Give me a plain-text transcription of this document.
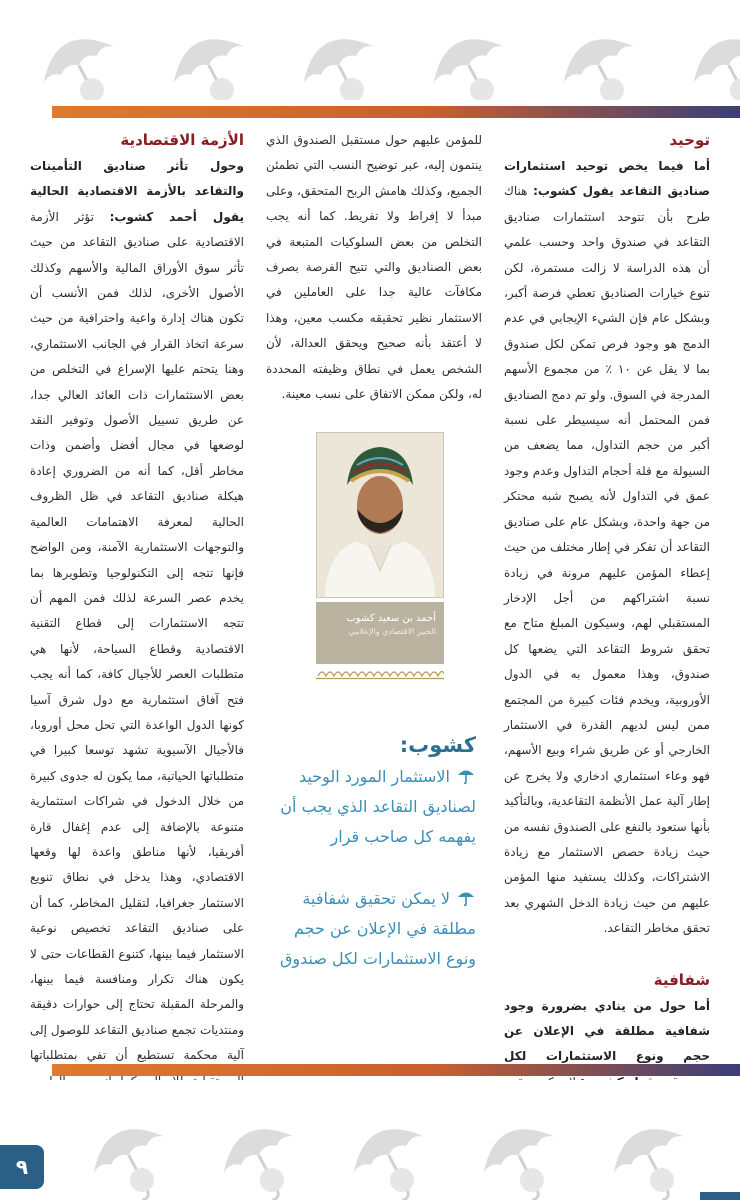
توحيد

أما فيما يخص توحيد استثمارات صناديق التقاعد يقول كشوب: هناك طرح بأن تتوحد استثمارات صناديق التقاعد في صندوق واحد وحسب علمي أن هذه الدراسة لا زالت مستمرة، لكن تنوع خيارات الصناديق تعطي فرصة أكبر، وبشكل عام فإن الشيء الإيجابي في عدم الدمج هو وجود فرص تمكن لكل صندوق بما لا يقل عن ١٠ ٪ من مجموع الأسهم المدرجة في السوق. ولو تم دمج الصناديق فمن المحتمل أنه سيسيطر على نسبة أكبر من حجم التداول، مما يضعف من السيولة مع قلة أحجام التداول وعدم وجود عمق في التداول لأنه يصبح شبه محتكر من جهة واحدة، وبشكل عام على صناديق التقاعد أن تفكر في إطار مختلف من حيث إعطاء المؤمن عليهم مرونة في زيادة نسبة اشتراكهم من أجل الإدخار المستقبلي لهم، وسيكون المبلغ متاح مع تحقق شروط التقاعد التي يضعها كل صندوق، وهذا معمول به في الدول الأوروبية، ويخدم فئات كبيرة من المجتمع ممن ليس لديهم القدرة في الاستثمار الخارجي أو عن طريق شراء وبيع الأسهم، فهو وعاء استثماري ادخاري ولا يخرج عن إطار آلية عمل الأنظمة التقاعدية، وبالتأكيد بأنها ستعود بالنفع على الصندوق نفسه من حيث زيادة حصص الاستثمار مع زيادة الاشتراكات، وكذلك يستفيد منها المؤمن عليهم من حيث زيادة الدخل الشهري بعد تحقق مخاطر التقاعد.

شفافية

أما حول من ينادي بضرورة وجود شفافية مطلقة في الإعلان عن حجم ونوع الاستثمارات لكل

للمؤمن عليهم حول مستقبل الصندوق الذي ينتمون إليه، عبر توضيح النسب التي تطمئن الجميع، وكذلك هامش الربح المتحقق، وعلى مبدأ لا إفراط ولا تفريط. كما أنه يجب التخلص من بعض السلوكيات المتبعة في بعض الصناديق والتي تتيح الفرصة بصرف مكافآت عالية جدا على العاملين في الاستثمار نظير تحقيقه مكسب معين، وهذا لا أعتقد بأنه صحيح ويحقق العدالة، لأن الشخص يعمل في نطاق وظيفته المحددة له، ولكن ممكن الاتفاق على نسب معينة.

أحمد بن سعيد كشوب
الخبير الاقتصادي والإعلامي
كشوب:
الاستثمار المورد الوحيد لصناديق التقاعد الذي يجب أن يفهمه كل صاحب قرار
لا يمكن تحقيق شفافية مطلقة في الإعلان عن حجم ونوع الاستثمارات لكل صندوق
الأزمة الاقتصادية

وحول تأثر صناديق التأمينات والتقاعد بالأزمة الاقتصادية الحالية يقول أحمد كشوب: تؤثر الأزمة الاقتصادية على صناديق التقاعد من حيث تأثر سوق الأوراق المالية والأسهم وكذلك الأصول الأخرى، لذلك فمن الأنسب أن تكون هناك إدارة واعية واحترافية من حيث سرعة اتخاذ القرار في الجانب الاستثماري، وهنا يتحتم عليها الإسراع في التخلص من بعض الاستثمارات ذات العائد العالي جدا، عن طريق تسييل الأصول وتوفير النقد لوضعها في مجال أفضل وأضمن وذات مخاطر أقل، كما أنه من الضروري إعادة هيكلة صناديق التقاعد في ظل الظروف الحالية لمعرفة الاهتمامات العالمية والتوجهات الاستثمارية الآمنة، ومن الواضح فإنها تتجه إلى التكنولوجيا وتطويرها بما يخدم عصر السرعة لذلك فمن المهم أن تتجه الاستثمارات إلى قطاع التقنية الاقتصادية وقطاع السياحة، لأنها هي متطلبات العصر للأجيال كافة، كما أنه يجب فتح آفاق استثمارية مع دول شرق آسيا كونها الدول الواعدة التي تحل محل أوروبا، فالأجيال الآسيوية تشهد توسعا كبيرا في متطلباتها الحياتية، مما يكون له جدوى كبيرة من خلال الدخول في شراكات استثمارية متنوعة بالإضافة إلى عدم إغفال قارة أفريقيا، لأنها مناطق واعدة لها وقعها الاقتصادي، وهذا يدخل في نطاق تنويع الاستثمار جغرافيا، لتقليل المخاطر، كما أن على صناديق التقاعد تخصيص نوعية الاستثمار فيما بينها، كتنوع القطاعات حتى لا يكون هناك تكرار ومنافسة فيما بينها، والمرحلة المقبلة تحتاج إلى حوارات دقيقة ومنتديات تجمع صناديق التقاعد للوصول إلى آلية محكمة تستطيع أن تفي بمتطلباتها

٩
